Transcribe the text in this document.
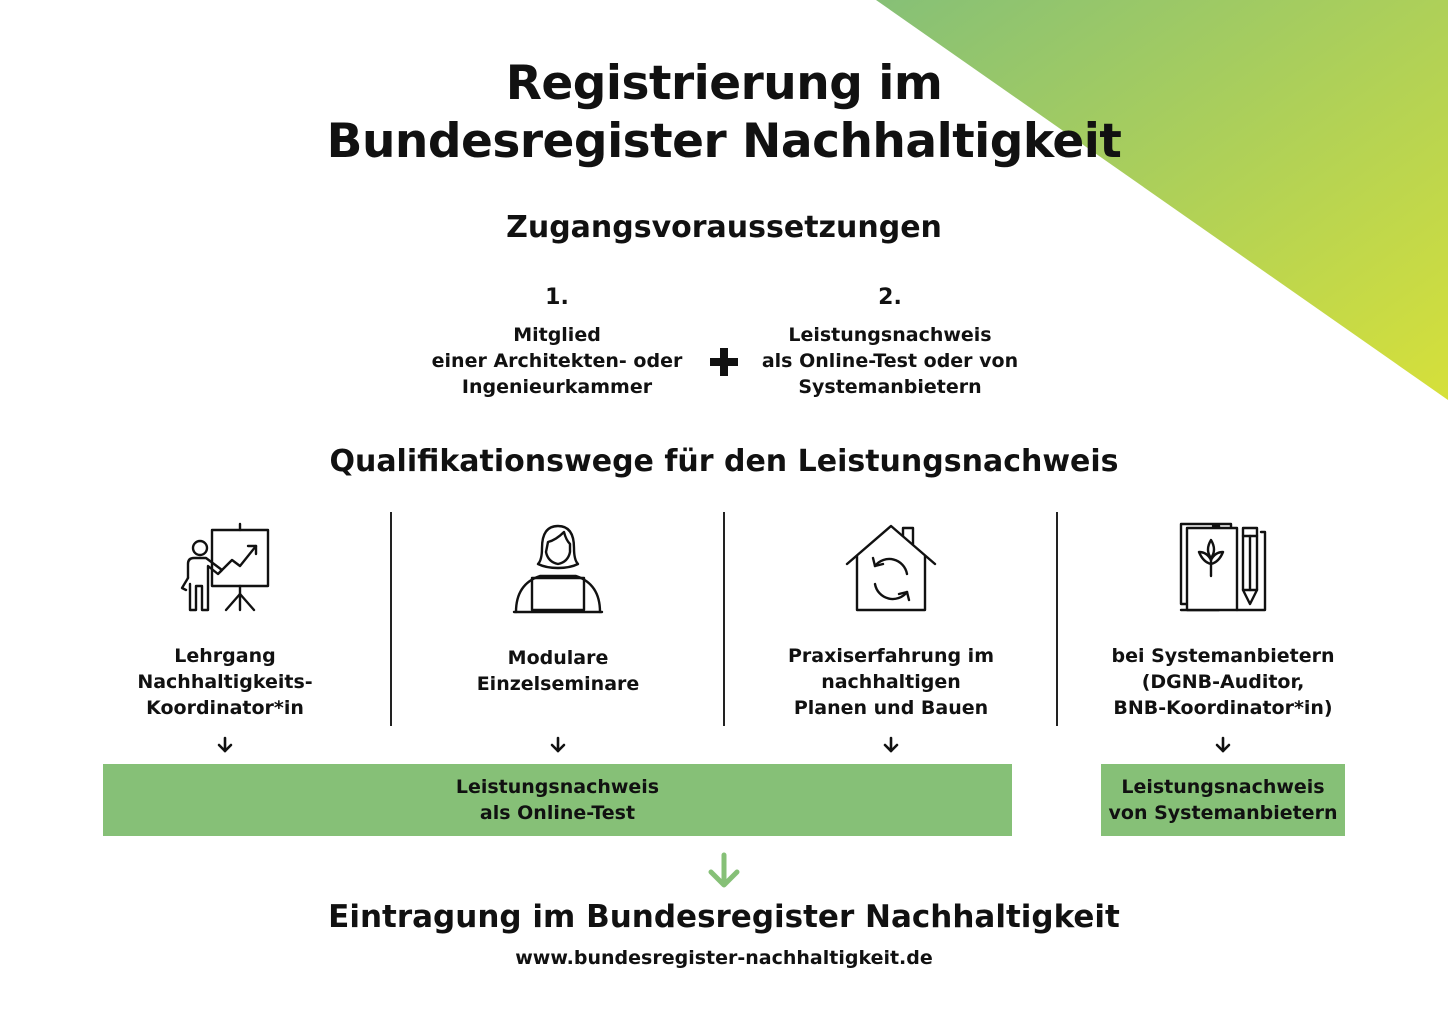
Registrierung im
Bundesregister Nachhaltigkeit
Zugangsvoraussetzungen
1.
Mitglied
einer Architekten- oder
Ingenieurkammer
2.
Leistungsnachweis
als Online-Test oder von
Systemanbietern
Qualifikationswege für den Leistungsnachweis
Lehrgang
Nachhaltigkeits-
Koordinator*in
Modulare
Einzelseminare
Praxiserfahrung im
nachhaltigen
Planen und Bauen
bei Systemanbietern
(DGNB-Auditor,
BNB-Koordinator*in)
Leistungsnachweis
als Online-Test
Leistungsnachweis
von Systemanbietern
Eintragung im Bundesregister Nachhaltigkeit
www.bundesregister-nachhaltigkeit.de
